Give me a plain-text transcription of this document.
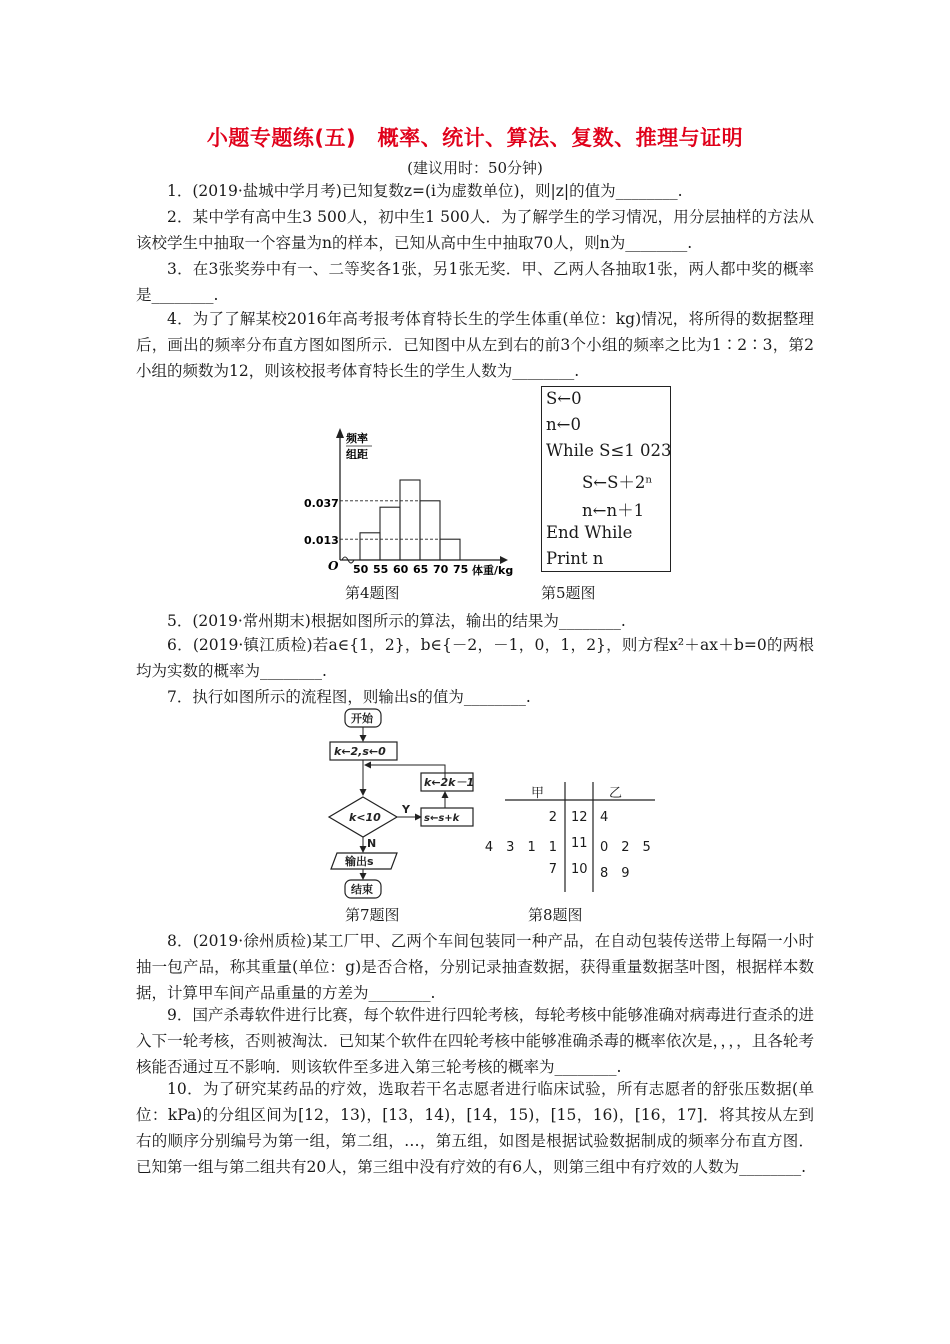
小题专题练(五)　概率、统计、算法、复数、推理与证明
(建议用时：50分钟)
1．(2019·盐城中学月考)已知复数z=(i为虚数单位)，则|z|的值为________.
2．某中学有高中生3 500人，初中生1 500人．为了解学生的学习情况，用分层抽样的方法从该校学生中抽取一个容量为n的样本，已知从高中生中抽取70人，则n为________.
3．在3张奖券中有一、二等奖各1张，另1张无奖．甲、乙两人各抽取1张，两人都中奖的概率是________.
4．为了了解某校2016年高考报考体育特长生的学生体重(单位：kg)情况，将所得的数据整理后，画出的频率分布直方图如图所示．已知图中从左到右的前3个小组的频率之比为1∶2∶3，第2小组的频数为12，则该校报考体育特长生的学生人数为________.
频率
组距
O	体重/kg
0.037
0.013
50 55 60 65 70 75
第4题图
S←0
n←0
While S≤1 023
S←S＋2ⁿ
n←n＋1
End While
Print n
第5题图
5．(2019·常州期末)根据如图所示的算法，输出的结果为________.
6．(2019·镇江质检)若a∈{1，2}，b∈{－2，－1，0，1，2}，则方程x²＋ax＋b=0的两根均为实数的概率为________.
7．执行如图所示的流程图，则输出s的值为________.
开始
k←2,s←0
k←2k－1
k<10
Y
s←s+k
N
输出s
结束
第7题图
甲	乙
2 12 4
4　3　1　1 11 0　2　5
7 10 8　9
第8题图
8．(2019·徐州质检)某工厂甲、乙两个车间包装同一种产品，在自动包装传送带上每隔一小时抽一包产品，称其重量(单位：g)是否合格，分别记录抽查数据，获得重量数据茎叶图，根据样本数据，计算甲车间产品重量的方差为________.
9．国产杀毒软件进行比赛，每个软件进行四轮考核，每轮考核中能够准确对病毒进行查杀的进入下一轮考核，否则被淘汰．已知某个软件在四轮考核中能够准确杀毒的概率依次是，，，，且各轮考核能否通过互不影响．则该软件至多进入第三轮考核的概率为________.
10．为了研究某药品的疗效，选取若干名志愿者进行临床试验，所有志愿者的舒张压数据(单位：kPa)的分组区间为[12，13)，[13，14)，[14，15)，[15，16)，[16，17]．将其按从左到右的顺序分别编号为第一组，第二组，…，第五组，如图是根据试验数据制成的频率分布直方图．已知第一组与第二组共有20人，第三组中没有疗效的有6人，则第三组中有疗效的人数为________.
